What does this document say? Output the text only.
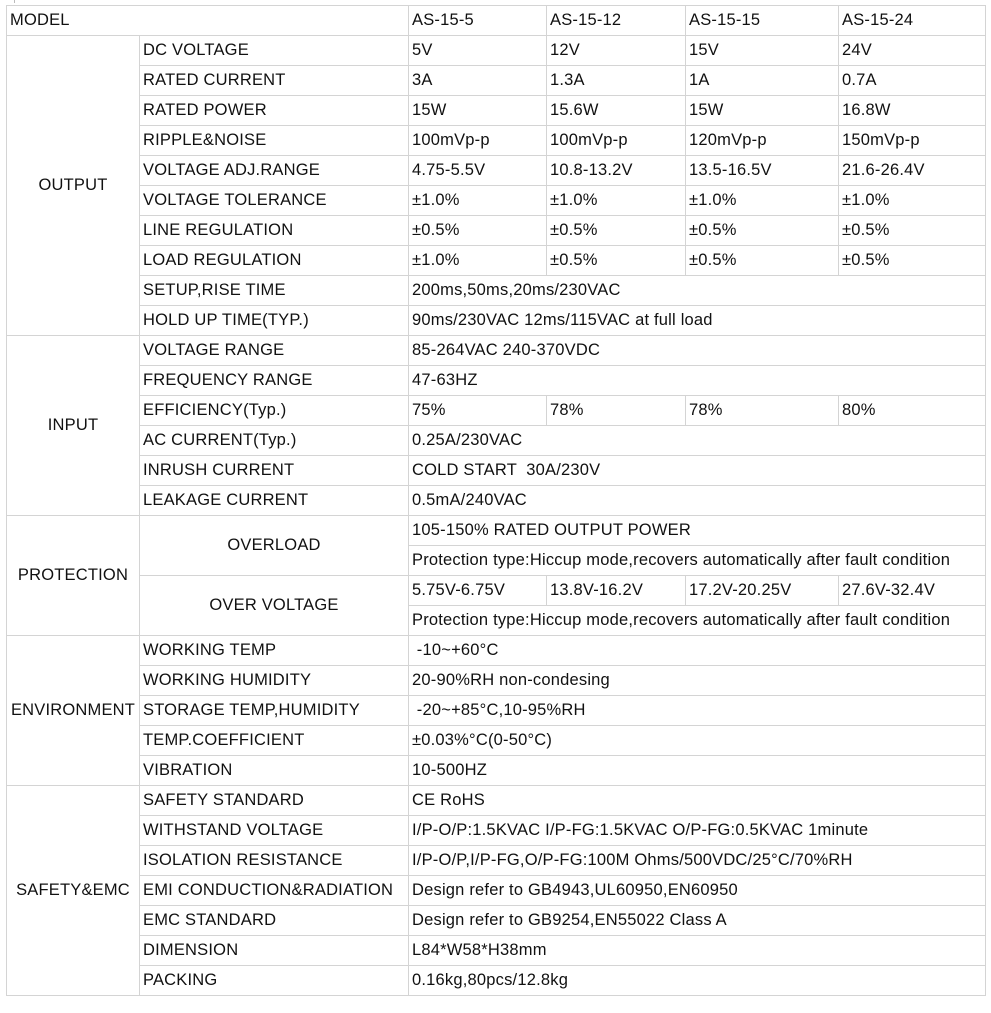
MODEL		AS-15-5	AS-15-12	AS-15-15	AS-15-24
OUTPUT	DC VOLTAGE	5V	12V	15V	24V
	RATED CURRENT	3A	1.3A	1A	0.7A
	RATED POWER	15W	15.6W	15W	16.8W
	RIPPLE&NOISE	100mVp-p	100mVp-p	120mVp-p	150mVp-p
	VOLTAGE ADJ.RANGE	4.75-5.5V	10.8-13.2V	13.5-16.5V	21.6-26.4V
	VOLTAGE TOLERANCE	±1.0%	±1.0%	±1.0%	±1.0%
	LINE REGULATION	±0.5%	±0.5%	±0.5%	±0.5%
	LOAD REGULATION	±1.0%	±0.5%	±0.5%	±0.5%
	SETUP,RISE TIME	200ms,50ms,20ms/230VAC			
	HOLD UP TIME(TYP.)	90ms/230VAC 12ms/115VAC at full load			
INPUT	VOLTAGE RANGE	85-264VAC 240-370VDC			
	FREQUENCY RANGE	47-63HZ			
	EFFICIENCY(Typ.)	75%	78%	78%	80%
	AC CURRENT(Typ.)	0.25A/230VAC			
	INRUSH CURRENT	COLD START  30A/230V			
	LEAKAGE CURRENT	0.5mA/240VAC			
PROTECTION	OVERLOAD	105-150% RATED OUTPUT POWER			
		Protection type:Hiccup mode,recovers automatically after fault condition			
	OVER VOLTAGE	5.75V-6.75V	13.8V-16.2V	17.2V-20.25V	27.6V-32.4V
		Protection type:Hiccup mode,recovers automatically after fault condition			
ENVIRONMENT	WORKING TEMP	-10~+60°C			
	WORKING HUMIDITY	20-90%RH non-condesing			
	STORAGE TEMP,HUMIDITY	-20~+85°C,10-95%RH			
	TEMP.COEFFICIENT	±0.03%°C(0-50°C)			
	VIBRATION	10-500HZ			
SAFETY&EMC	SAFETY STANDARD	CE RoHS			
	WITHSTAND VOLTAGE	I/P-O/P:1.5KVAC I/P-FG:1.5KVAC O/P-FG:0.5KVAC 1minute			
	ISOLATION RESISTANCE	I/P-O/P,I/P-FG,O/P-FG:100M Ohms/500VDC/25°C/70%RH			
	EMI CONDUCTION&RADIATION	Design refer to GB4943,UL60950,EN60950			
	EMC STANDARD	Design refer to GB9254,EN55022 Class A			
	DIMENSION	L84*W58*H38mm			
	PACKING	0.16kg,80pcs/12.8kg			
